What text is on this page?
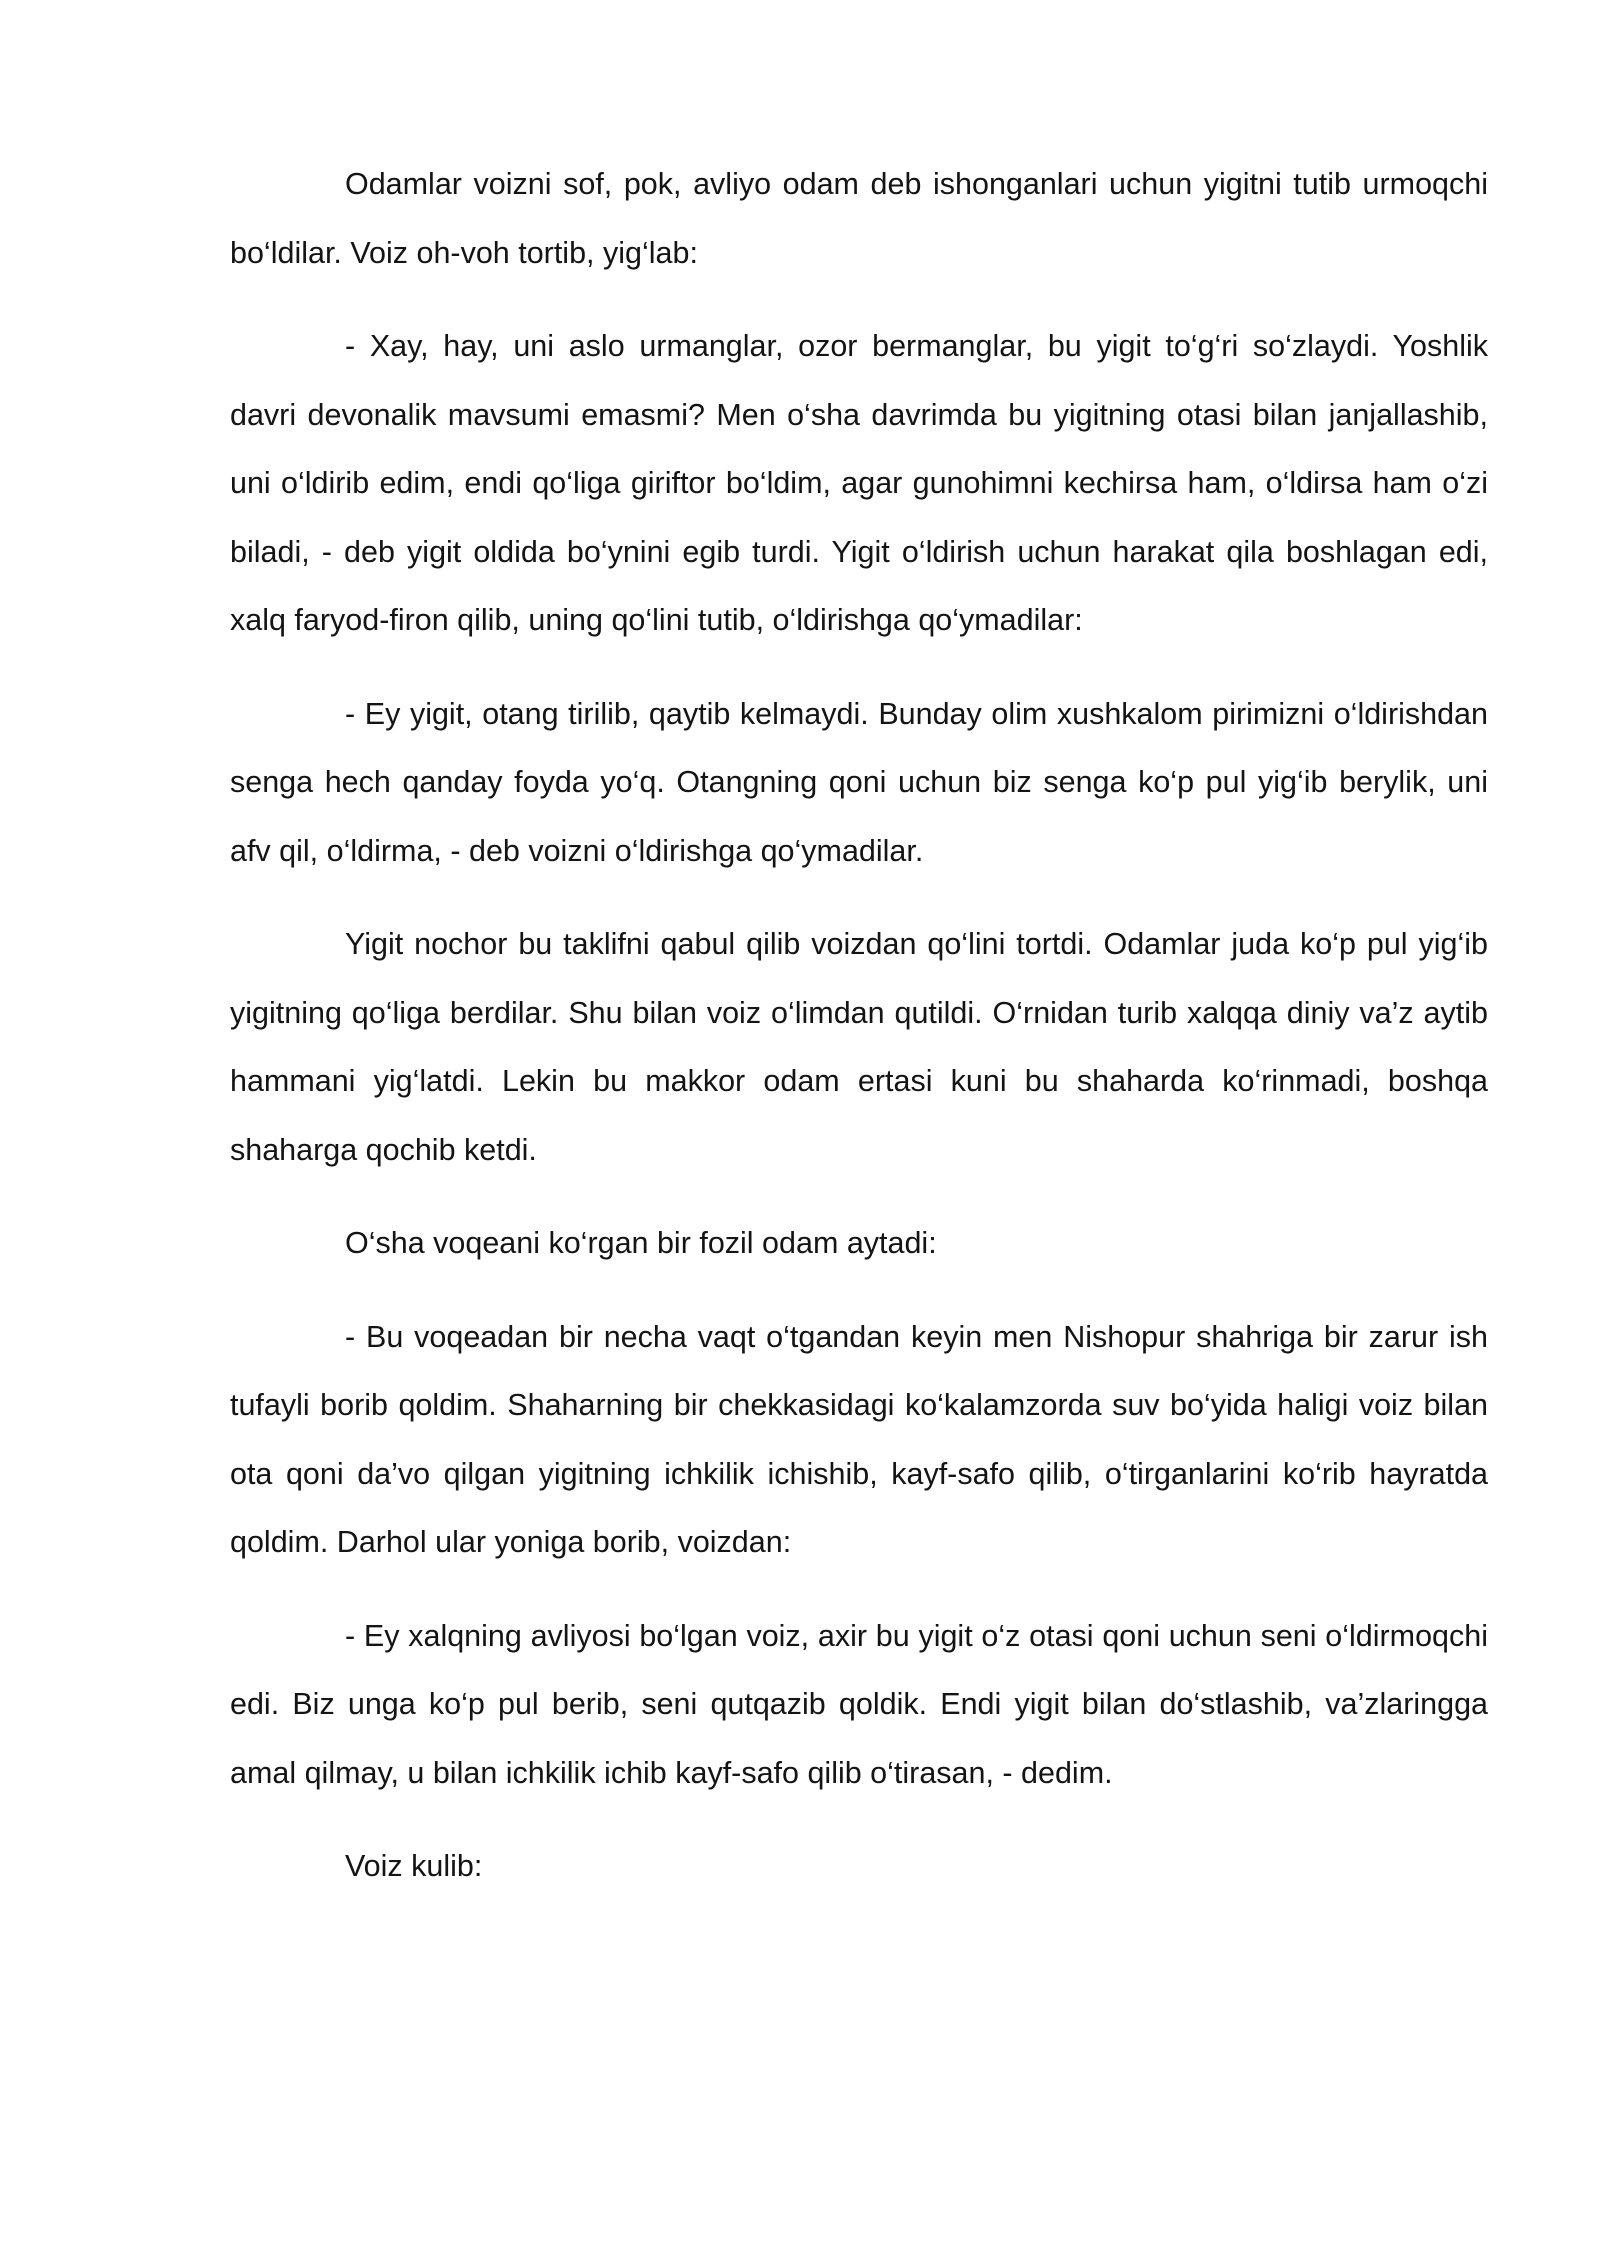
Odamlar voizni sof, pok, avliyo odam deb ishonganlari uchun yigitni tutib urmoqchi bo‘ldilar. Voiz oh-voh tortib, yig‘lab:

- Xay, hay, uni aslo urmanglar, ozor bermanglar, bu yigit to‘g‘ri so‘zlaydi. Yoshlik davri devonalik mavsumi emasmi? Men o‘sha davrimda bu yigitning otasi bilan janjallashib, uni o‘ldirib edim, endi qo‘liga giriftor bo‘ldim, agar gunohimni kechirsa ham, o‘ldirsa ham o‘zi biladi, - deb yigit oldida bo‘ynini egib turdi. Yigit o‘ldirish uchun harakat qila boshlagan edi, xalq faryod-firon qilib, uning qo‘lini tutib, o‘ldirishga qo‘ymadilar:

- Ey yigit, otang tirilib, qaytib kelmaydi. Bunday olim xushkalom pirimizni o‘ldirishdan senga hech qanday foyda yo‘q. Otangning qoni uchun biz senga ko‘p pul yig‘ib berylik, uni afv qil, o‘ldirma, - deb voizni o‘ldirishga qo‘ymadilar.

Yigit nochor bu taklifni qabul qilib voizdan qo‘lini tortdi. Odamlar juda ko‘p pul yig‘ib yigitning qo‘liga berdilar. Shu bilan voiz o‘limdan qutildi. O‘rnidan turib xalqqa diniy va’z aytib hammani yig‘latdi. Lekin bu makkor odam ertasi kuni bu shaharda ko‘rinmadi, boshqa shaharga qochib ketdi.

O‘sha voqeani ko‘rgan bir fozil odam aytadi:

- Bu voqeadan bir necha vaqt o‘tgandan keyin men Nishopur shahriga bir zarur ish tufayli borib qoldim. Shaharning bir chekkasidagi ko‘kalamzorda suv bo‘yida haligi voiz bilan ota qoni da’vo qilgan yigitning ichkilik ichishib, kayf-safo qilib, o‘tirganlarini ko‘rib hayratda qoldim. Darhol ular yoniga borib, voizdan:

- Ey xalqning avliyosi bo‘lgan voiz, axir bu yigit o‘z otasi qoni uchun seni o‘ldirmoqchi edi. Biz unga ko‘p pul berib, seni qutqazib qoldik. Endi yigit bilan do‘stlashib, va’zlaringga amal qilmay, u bilan ichkilik ichib kayf-safo qilib o‘tirasan, - dedim.

Voiz kulib:
